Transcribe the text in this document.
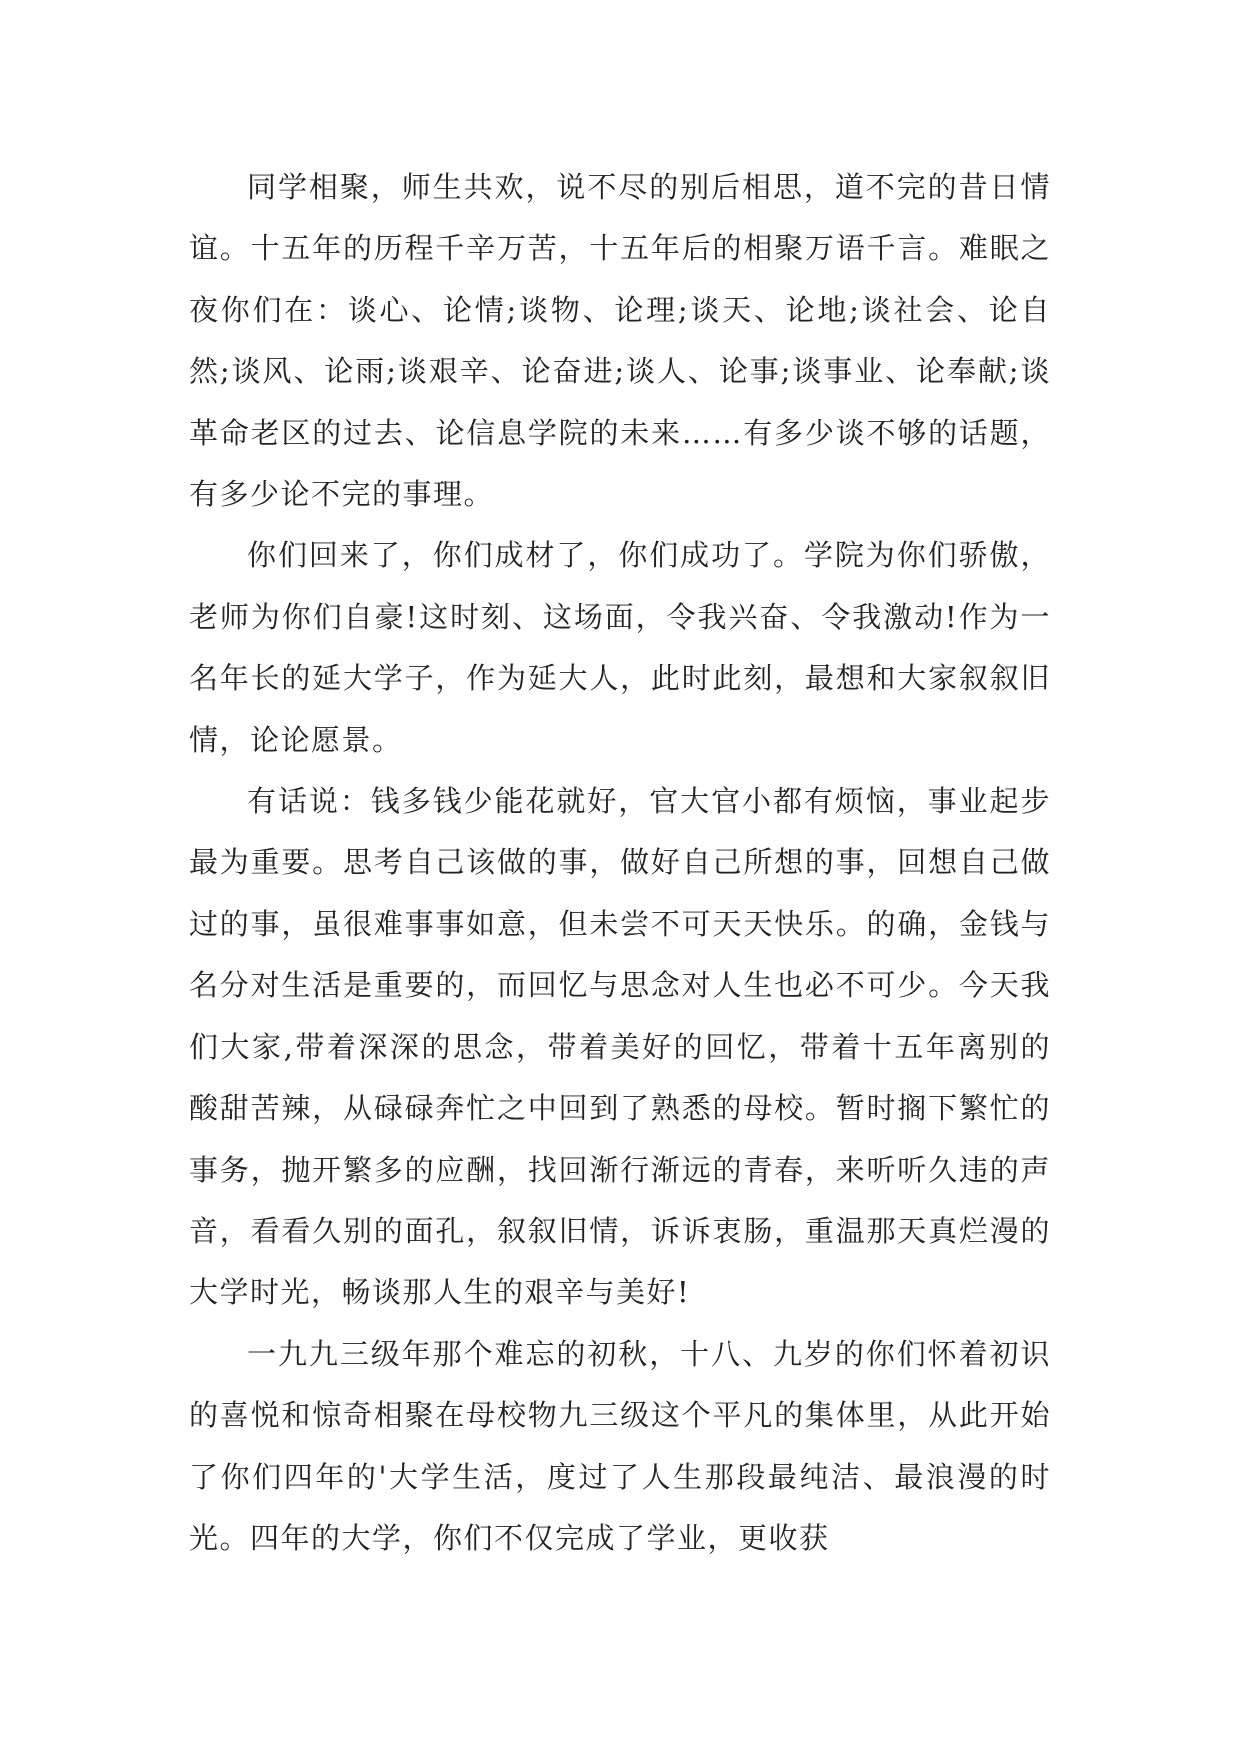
同学相聚，师生共欢，说不尽的别后相思，道不完的昔日情谊。十五年的历程千辛万苦，十五年后的相聚万语千言。难眠之夜你们在：谈心、论情;谈物、论理;谈天、论地;谈社会、论自然;谈风、论雨;谈艰辛、论奋进;谈人、论事;谈事业、论奉献;谈革命老区的过去、论信息学院的未来……有多少谈不够的话题，有多少论不完的事理。

你们回来了，你们成材了，你们成功了。学院为你们骄傲，老师为你们自豪!这时刻、这场面，令我兴奋、令我激动!作为一名年长的延大学子，作为延大人，此时此刻，最想和大家叙叙旧情，论论愿景。

有话说：钱多钱少能花就好，官大官小都有烦恼，事业起步最为重要。思考自己该做的事，做好自己所想的事，回想自己做过的事，虽很难事事如意，但未尝不可天天快乐。的确，金钱与名分对生活是重要的，而回忆与思念对人生也必不可少。今天我们大家,带着深深的思念，带着美好的回忆，带着十五年离别的酸甜苦辣，从碌碌奔忙之中回到了熟悉的母校。暂时搁下繁忙的事务，抛开繁多的应酬，找回渐行渐远的青春，来听听久违的声音，看看久别的面孔，叙叙旧情，诉诉衷肠，重温那天真烂漫的大学时光，畅谈那人生的艰辛与美好!

一九九三级年那个难忘的初秋，十八、九岁的你们怀着初识的喜悦和惊奇相聚在母校物九三级这个平凡的集体里，从此开始了你们四年的'大学生活，度过了人生那段最纯洁、最浪漫的时光。四年的大学，你们不仅完成了学业，更收获
